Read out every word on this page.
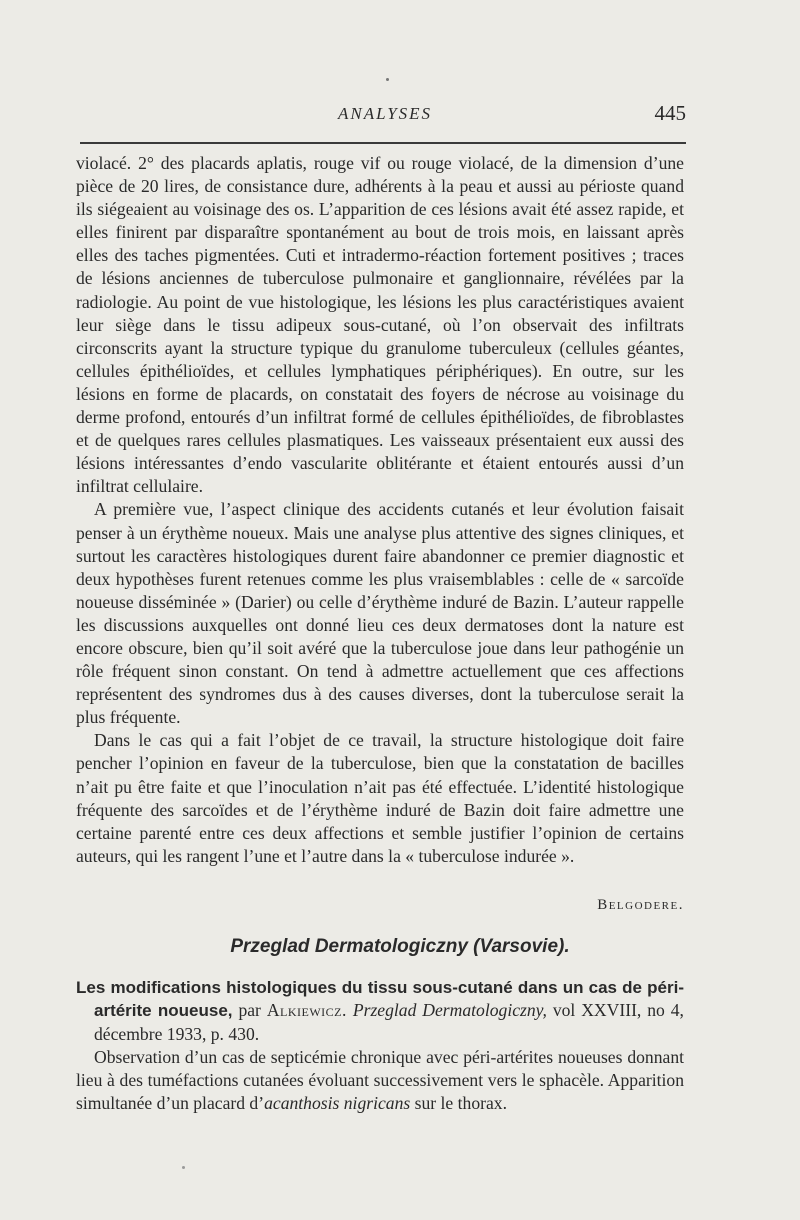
ANALYSES	445

violacé. 2° des placards aplatis, rouge vif ou rouge violacé, de la dimension d’une pièce de 20 lires, de consistance dure, adhérents à la peau et aussi au périoste quand ils siégeaient au voisinage des os. L’apparition de ces lésions avait été assez rapide, et elles finirent par disparaître spontanément au bout de trois mois, en laissant après elles des taches pigmentées. Cuti et intradermo-réaction fortement positives ; traces de lésions anciennes de tuberculose pulmonaire et ganglionnaire, révélées par la radiologie. Au point de vue histologique, les lésions les plus caractéristiques avaient leur siège dans le tissu adipeux sous-cutané, où l’on observait des infiltrats circonscrits ayant la structure typique du granulome tuberculeux (cellules géantes, cellules épithélioïdes, et cellules lymphatiques périphériques). En outre, sur les lésions en forme de placards, on constatait des foyers de nécrose au voisinage du derme profond, entourés d’un infiltrat formé de cellules épithélioïdes, de fibroblastes et de quelques rares cellules plasmatiques. Les vaisseaux présentaient eux aussi des lésions intéressantes d’endo vascularite oblitérante et étaient entourés aussi d’un infiltrat cellulaire.

A première vue, l’aspect clinique des accidents cutanés et leur évolution faisait penser à un érythème noueux. Mais une analyse plus attentive des signes cliniques, et surtout les caractères histologiques durent faire abandonner ce premier diagnostic et deux hypothèses furent retenues comme les plus vraisemblables : celle de « sarcoïde noueuse disséminée » (Darier) ou celle d’érythème induré de Bazin. L’auteur rappelle les discussions auxquelles ont donné lieu ces deux dermatoses dont la nature est encore obscure, bien qu’il soit avéré que la tuberculose joue dans leur pathogénie un rôle fréquent sinon constant. On tend à admettre actuellement que ces affections représentent des syndromes dus à des causes diverses, dont la tuberculose serait la plus fréquente.

Dans le cas qui a fait l’objet de ce travail, la structure histologique doit faire pencher l’opinion en faveur de la tuberculose, bien que la constatation de bacilles n’ait pu être faite et que l’inoculation n’ait pas été effectuée. L’identité histologique fréquente des sarcoïdes et de l’érythème induré de Bazin doit faire admettre une certaine parenté entre ces deux affections et semble justifier l’opinion de certains auteurs, qui les rangent l’une et l’autre dans la « tuberculose indurée ».

Belgodere.
Przeglad Dermatologiczny (Varsovie).

Les modifications histologiques du tissu sous-cutané dans un cas de péri-artérite noueuse, par Alkiewicz. Przeglad Dermatologiczny, vol XXVIII, no 4, décembre 1933, p. 430.

Observation d’un cas de septicémie chronique avec péri-artérites noueuses donnant lieu à des tuméfactions cutanées évoluant successivement vers le sphacèle. Apparition simultanée d’un placard d’acanthosis nigricans sur le thorax.
